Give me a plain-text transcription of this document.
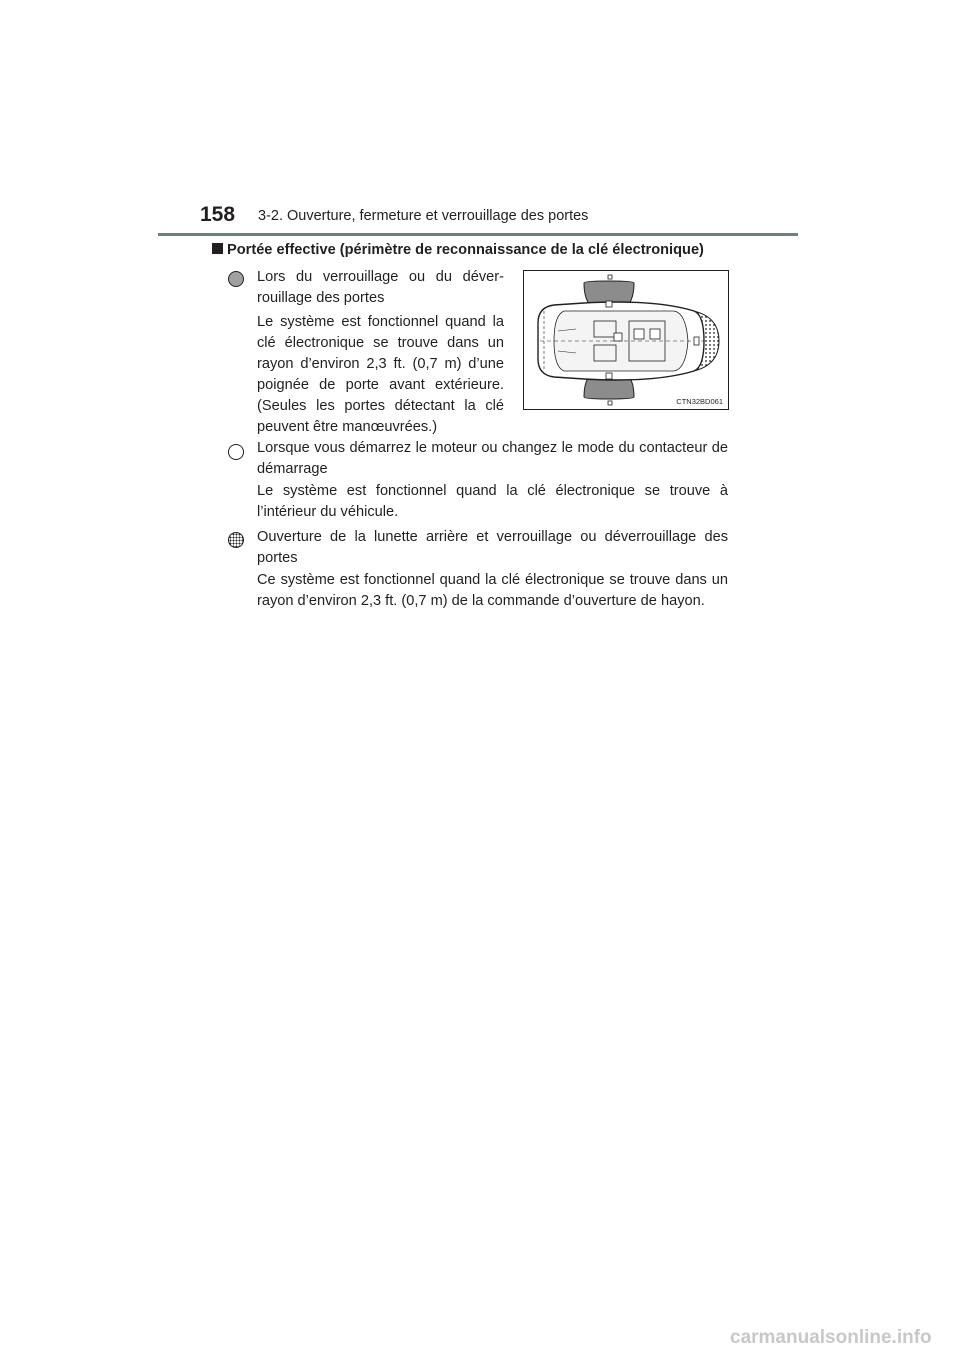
158 3-2. Ouverture, fermeture et verrouillage des portes
Portée effective (périmètre de reconnaissance de la clé électronique)
Lors du verrouillage ou du déver-rouillage des portes
Le système est fonctionnel quand la clé électronique se trouve dans un rayon d’environ 2,3 ft. (0,7 m) d’une poignée de porte avant extérieure. (Seules les portes détectant la clé peuvent être manœuvrées.)
CTN32BD061
Lorsque vous démarrez le moteur ou changez le mode du contacteur de démarrage
Le système est fonctionnel quand la clé électronique se trouve à l’intérieur du véhicule.
Ouverture de la lunette arrière et verrouillage ou déverrouillage des portes
Ce système est fonctionnel quand la clé électronique se trouve dans un rayon d’environ 2,3 ft. (0,7 m) de la commande d’ouverture de hayon.
carmanualsonline.info
